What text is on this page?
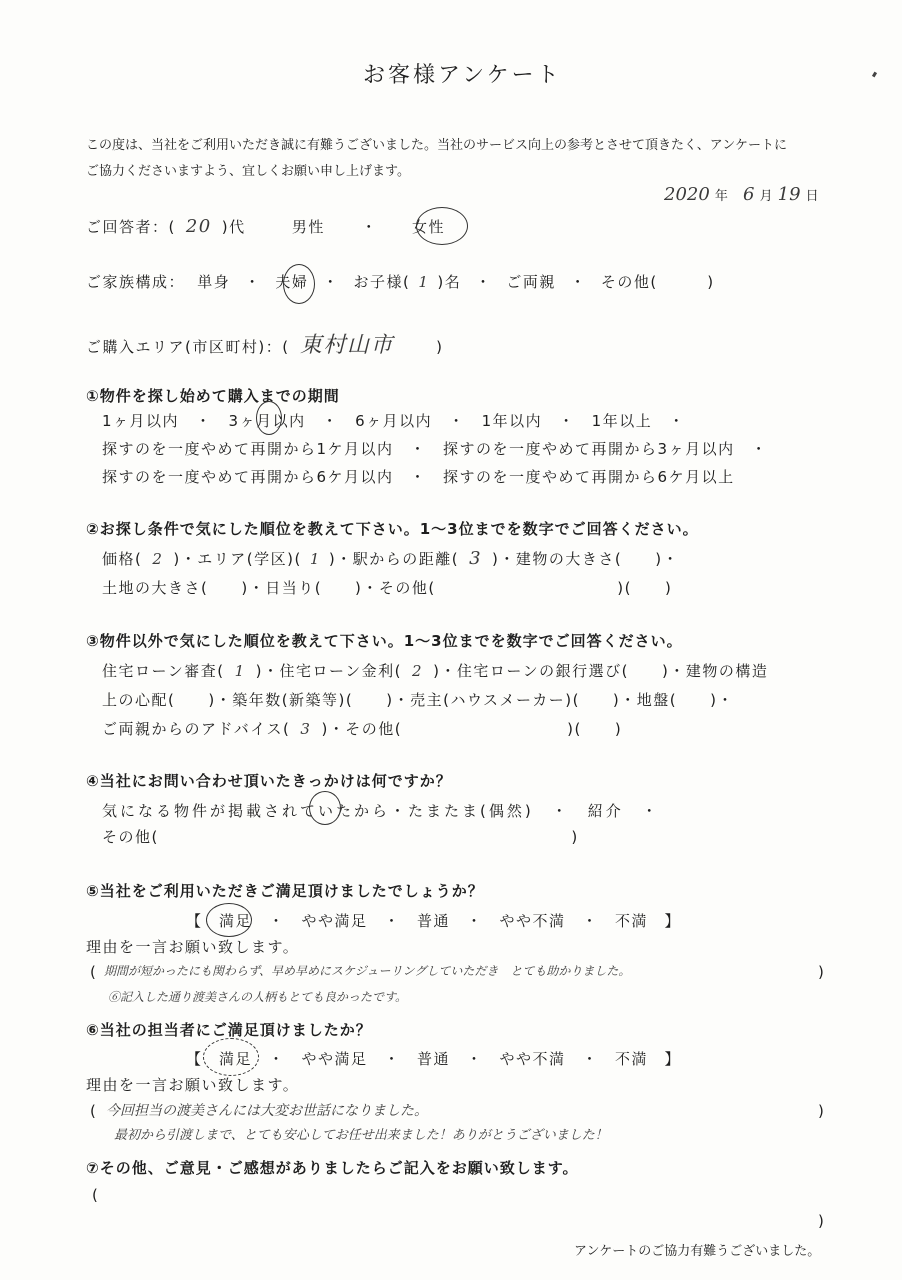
お客様アンケート
この度は、当社をご利用いただき誠に有難うございました。当社のサービス向上の参考とさせて頂きたく、アンケートに
ご協力くださいますよう、宜しくお願い申し上げます。
2020 年 6 月 19 日
ご回答者：( 20 )代	男性 ・ 女性
ご家族構成： 単身 ・ 夫婦 ・ お子様( 1 )名 ・ ご両親 ・ その他(　　　)
ご購入エリア(市区町村)：( 東村山市	)
①物件を探し始めて購入までの期間
1ヶ月以内　・　3ヶ月以内　・　6ヶ月以内　・　1年以内　・　1年以上　・
探すのを一度やめて再開から1ケ月以内　・　探すのを一度やめて再開から3ヶ月以内　・
探すのを一度やめて再開から6ケ月以内　・　探すのを一度やめて再開から6ケ月以上
②お探し条件で気にした順位を教えて下さい。1～3位までを数字でご回答ください。
価格( 2 )・エリア(学区)( 1 )・駅からの距離( 3 )・建物の大きさ(　　)・
土地の大きさ(　　)・日当り(　　)・その他(　　　　　　　　　　　)(　　)
③物件以外で気にした順位を教えて下さい。1～3位までを数字でご回答ください。
住宅ローン審査( 1 )・住宅ローン金利( 2 )・住宅ローンの銀行選び(　　)・建物の構造
上の心配(　　)・築年数(新築等)(　　)・売主(ハウスメーカー)(　　)・地盤(　　)・
ご両親からのアドバイス( 3 )・その他(　　　　　　　　　　)(　　)
④当社にお問い合わせ頂いたきっかけは何ですか？
気になる物件が掲載されていたから・たまたま(偶然)　・　紹介　・
その他(　　　　　　　　　　　　　　　　　　　　　　　　　)
⑤当社をご利用いただきご満足頂けましたでしょうか？
【　満足　・　やや満足　・　普通　・　やや不満　・　不満　】
理由を一言お願い致します。
( 期間が短かったにも関わらず、早め早めにスケジューリングしていただき　とても助かりました。
⑥記入した通り渡美さんの人柄もとても良かったです。
)
⑥当社の担当者にご満足頂けましたか？
【　満足　・　やや満足　・　普通　・　やや不満　・　不満　】
理由を一言お願い致します。
( 今回担当の渡美さんには大変お世話になりました。
最初から引渡しまで、とても安心してお任せ出来ました！ありがとうございました！
)
⑦その他、ご意見・ご感想がありましたらご記入をお願い致します。
(
)
アンケートのご協力有難うございました。
